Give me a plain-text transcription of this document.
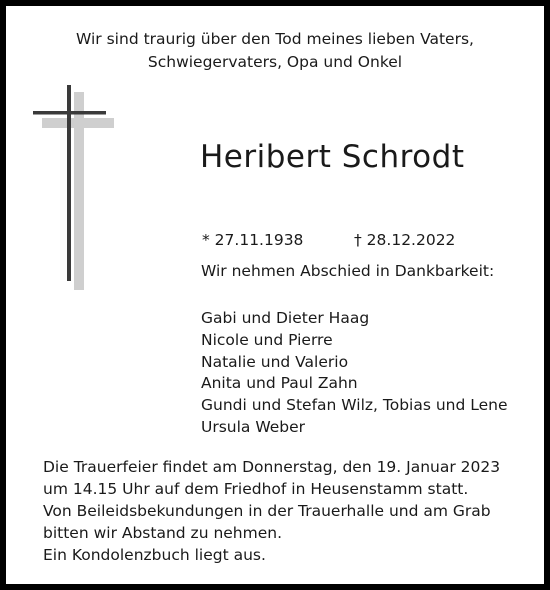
Wir sind traurig über den Tod meines lieben Vaters,
Schwiegervaters, Opa und Onkel
Heribert Schrodt
* 27.11.1938	† 28.12.2022
Wir nehmen Abschied in Dankbarkeit:
Gabi und Dieter Haag
Nicole und Pierre
Natalie und Valerio
Anita und Paul Zahn
Gundi und Stefan Wilz, Tobias und Lene
Ursula Weber
Die Trauerfeier findet am Donnerstag, den 19. Januar 2023
um 14.15 Uhr auf dem Friedhof in Heusenstamm statt.
Von Beileidsbekundungen in der Trauerhalle und am Grab
bitten wir Abstand zu nehmen.
Ein Kondolenzbuch liegt aus.
